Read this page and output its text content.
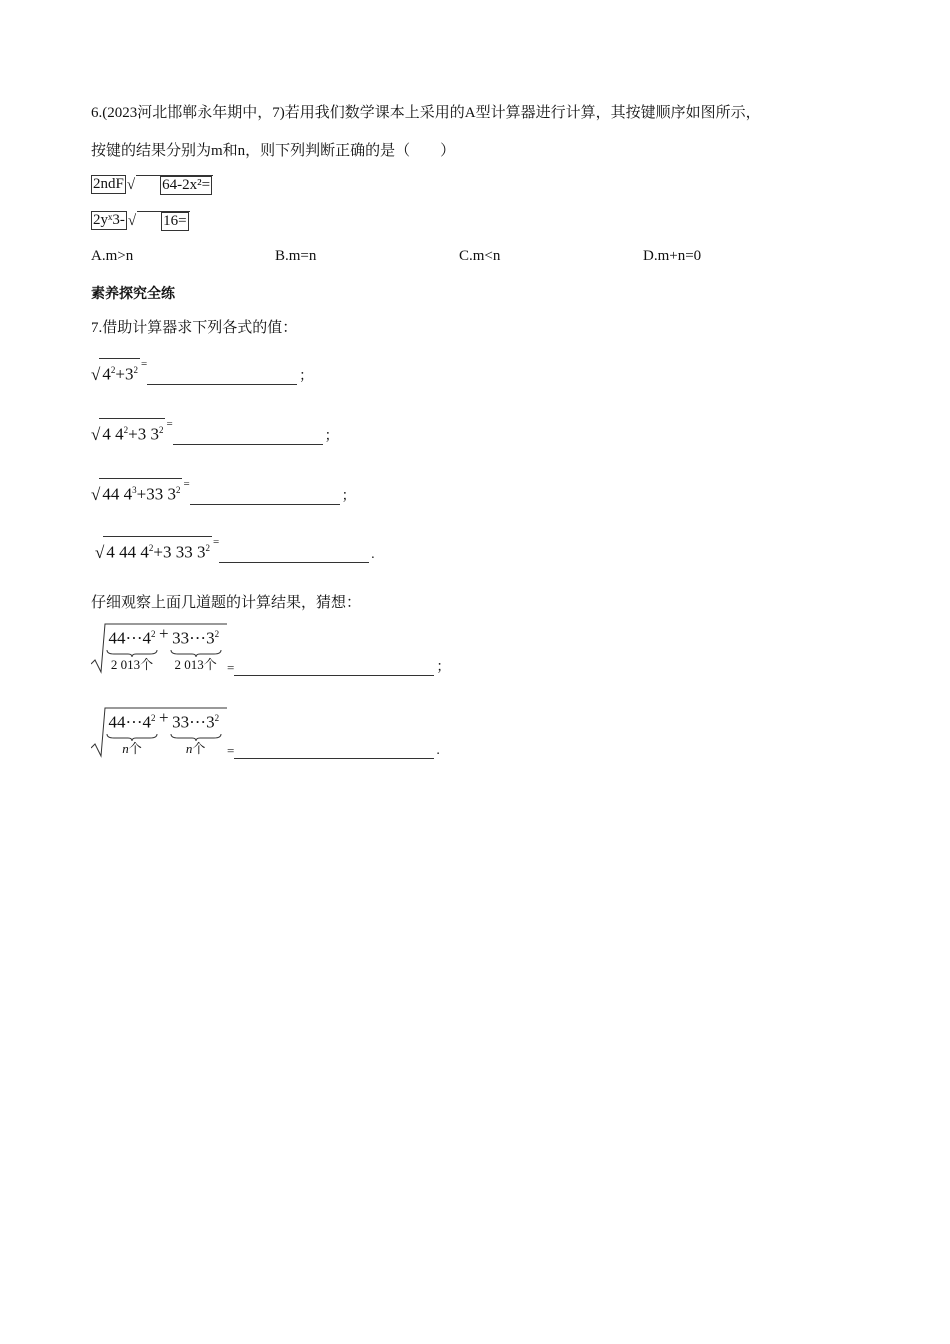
6.(2023河北邯郸永年期中，7)若用我们数学课本上采用的A型计算器进行计算，其按键顺序如图所示，
按键的结果分别为m和n，则下列判断正确的是（　　）
2ndF √	64-2x²=
2yˣ3- √	16=
A.m>n	B.m=n	C.m<n	D.m+n=0
素养探究全练
7.借助计算器求下列各式的值：
√ $4^2+3^2$ =
；
√ 4 $4^2+3$ $3^2$ =
；
√ 44 $4^3+33$ $3^2$ =
；
√ 4 44 $4^2+3$ 33 $3^2$ =
.
仔细观察上面几道题的计算结果，猜想：
$44\cdot\cdot\cdot 4^2$
2 013个
+ $33\cdot\cdot\cdot 3^2$
2 013个 =	；
$44\cdot\cdot\cdot 4^2$
n个
+ $33\cdot\cdot\cdot 3^2$
n个	=	.
